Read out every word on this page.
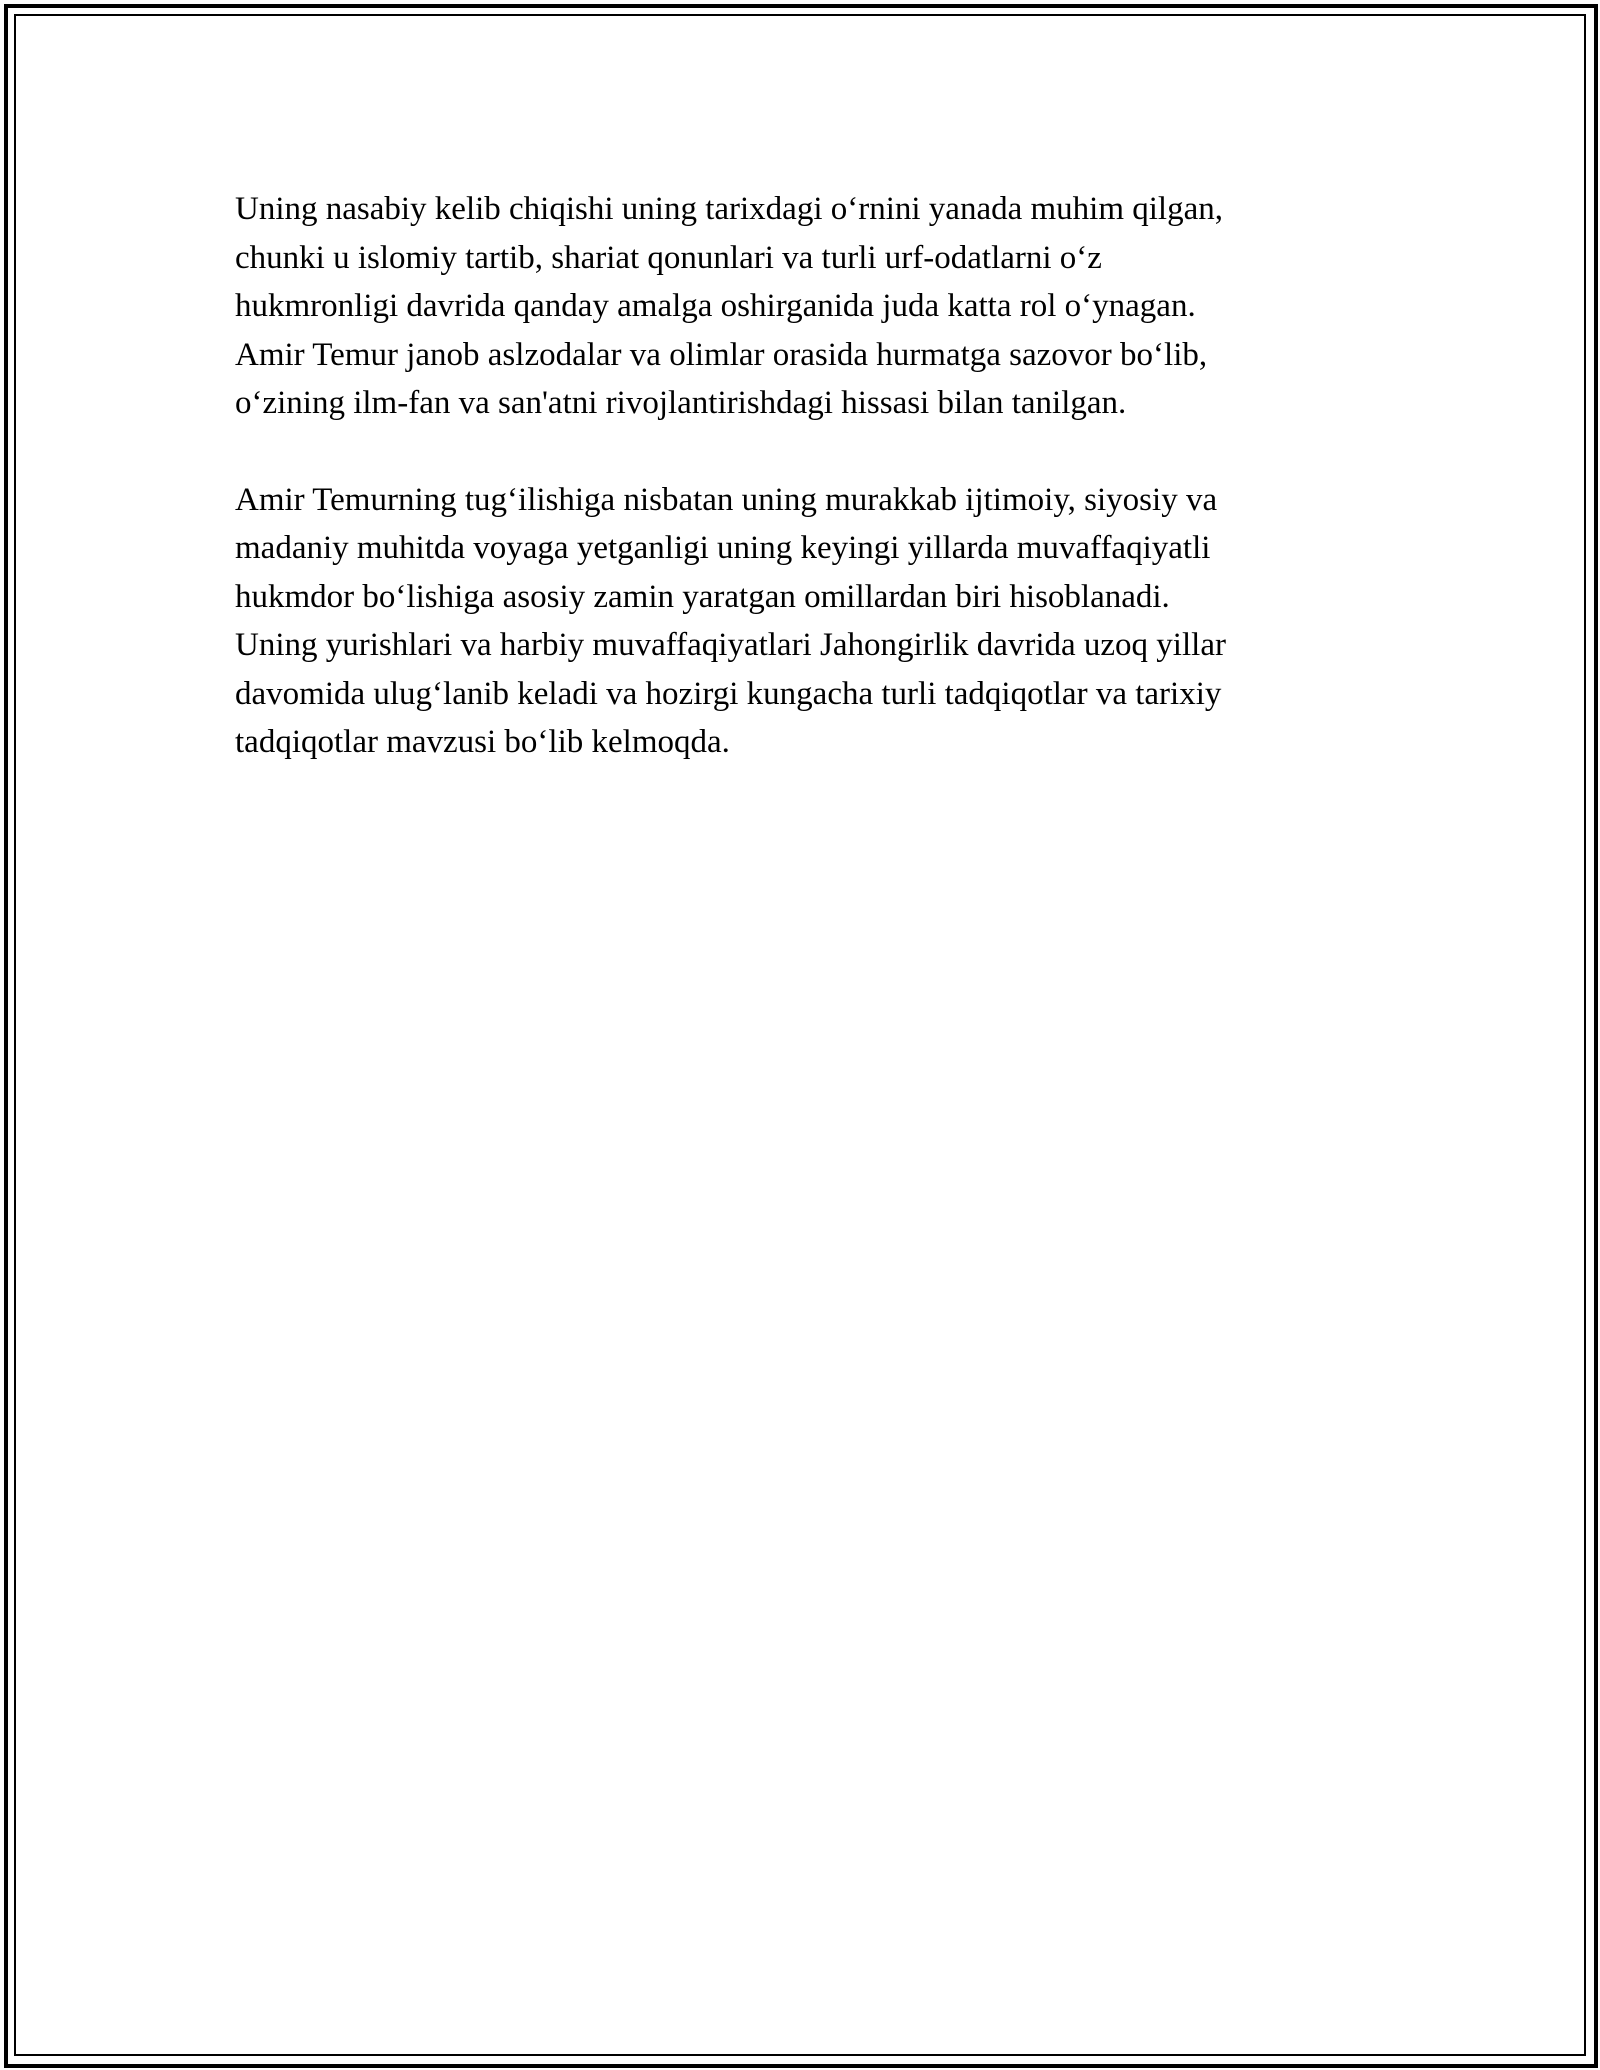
Uning nasabiy kelib chiqishi uning tarixdagi o‘rnini yanada muhim qilgan,
chunki u islomiy tartib, shariat qonunlari va turli urf-odatlarni o‘z
hukmronligi davrida qanday amalga oshirganida juda katta rol o‘ynagan.
Amir Temur janob aslzodalar va olimlar orasida hurmatga sazovor bo‘lib,
o‘zining ilm-fan va san'atni rivojlantirishdagi hissasi bilan tanilgan.

Amir Temurning tug‘ilishiga nisbatan uning murakkab ijtimoiy, siyosiy va
madaniy muhitda voyaga yetganligi uning keyingi yillarda muvaffaqiyatli
hukmdor bo‘lishiga asosiy zamin yaratgan omillardan biri hisoblanadi.
Uning yurishlari va harbiy muvaffaqiyatlari Jahongirlik davrida uzoq yillar
davomida ulug‘lanib keladi va hozirgi kungacha turli tadqiqotlar va tarixiy
tadqiqotlar mavzusi bo‘lib kelmoqda.
